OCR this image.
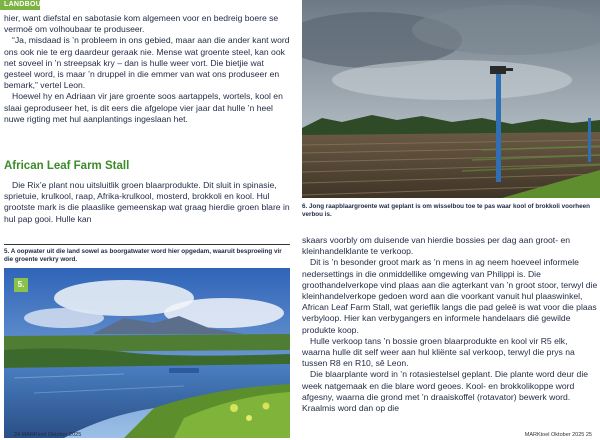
LANDBOU

hier, want diefstal en sabotasie kom algemeen voor en bedreig boere se vermoë om volhoubaar te produseer.

“Ja, misdaad is ’n probleem in ons gebied, maar aan die ander kant word ons ook nie te erg daardeur geraak nie. Mense wat groente steel, kan ook net soveel in ’n streepsak kry – dan is hulle weer vort. Die bietjie wat gesteel word, is maar ’n druppel in die emmer van wat ons produseer en bemark,” vertel Leon.

Hoewel hy en Adriaan vir jare groente soos aartappels, wortels, kool en slaai geproduseer het, is dit eers die afgelope vier jaar dat hulle ’n heel nuwe rigting met hul aanplantings ingeslaan het.

African Leaf Farm Stall

Die Rix’e plant nou uitsluitlik groen blaarprodukte. Dit sluit in spinasie, sprietuie, krulkool, raap, Afrika-krulkool, mosterd, brokkoli en kool. Hul grootste mark is die plaaslike gemeenskap wat graag hierdie groen blare in hul pap gooi. Hulle kan

5. A oopwater uit die land sowel as boorgatwater word hier opgedam, waaruit besproeiing vir die groente verkry word.
5.
6. Jong raapblaargroente wat geplant is om wisselbou toe te pas waar kool of brokkoli voorheen verbou is.

skaars voorbly om duisende van hierdie bossies per dag aan groot- en kleinhandelklante te verkoop.

Dit is ’n besonder groot mark as ’n mens in ag neem hoeveel informele nedersettings in die onmiddellike omgewing van Philippi is. Die groothandelverkope vind plaas aan die agterkant van ’n groot stoor, terwyl die kleinhandelverkope gedoen word aan die voorkant vanuit hul plaaswinkel, African Leaf Farm Stall, wat gerieflik langs die pad geleë is wat voor die plaas verbyloop. Hier kan verbygangers en informele handelaars dié gewilde produkte koop.

Hulle verkoop tans ’n bossie groen blaarprodukte en kool vir R5 elk, waarna hulle dit self weer aan hul kliënte sal verkoop, terwyl die prys na tussen R8 en R10, sê Leon.

Die blaarplante word in ’n rotasiestelsel geplant. Die plante word deur die week natgemaak en die blare word geoes. Kool- en brokkolikoppe word afgesny, waarna die grond met ’n draaiskoffel (rotavator) bewerk word. Kraalmis word dan op die

24 MARKtoel Oktober 2025	MARKtoel Oktober 2025 25
